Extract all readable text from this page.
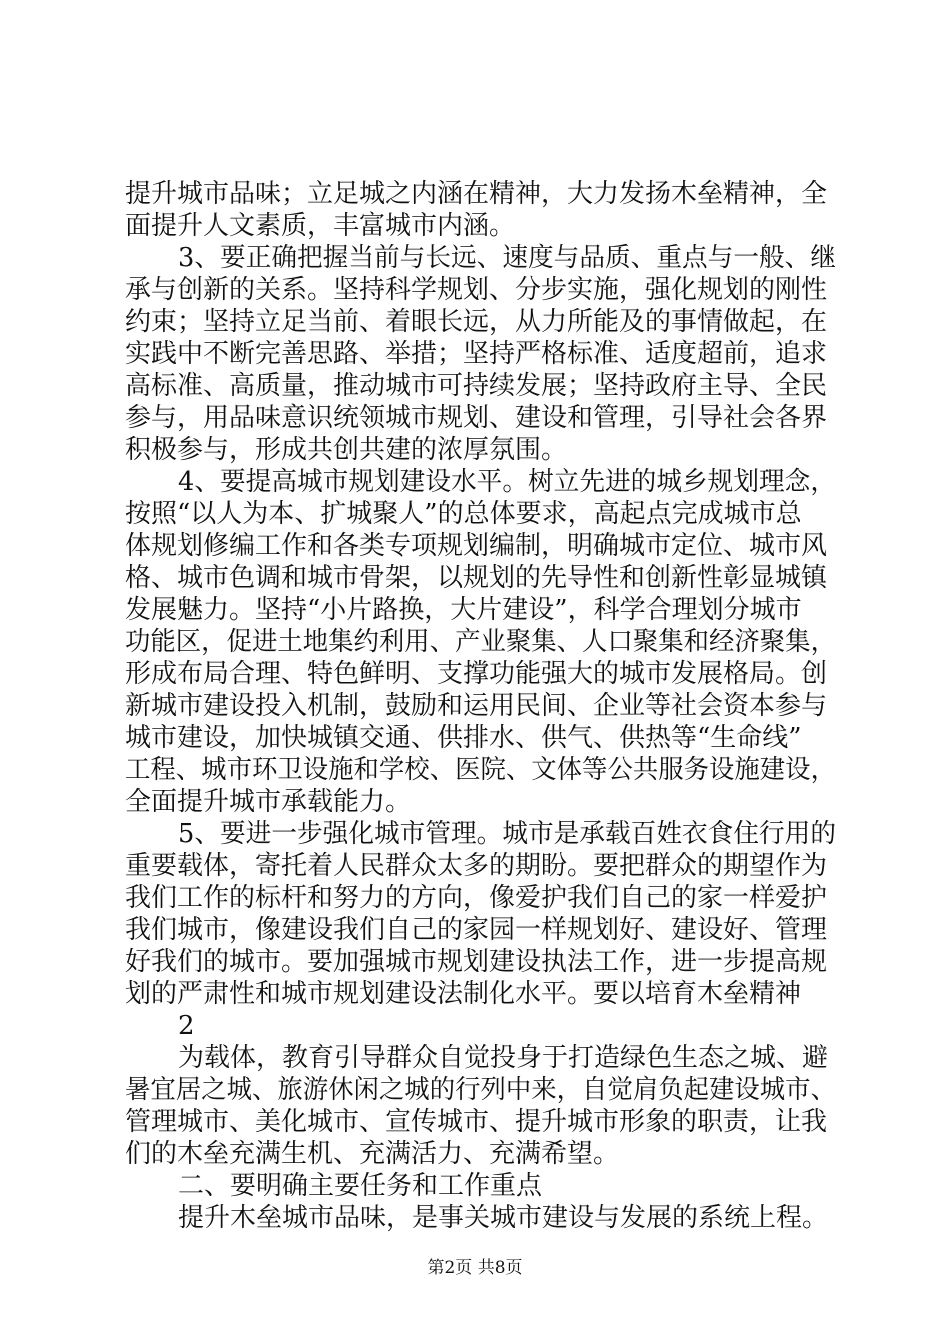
提升城市品味；立足城之内涵在精神，大力发扬木垒精神，全
面提升人文素质，丰富城市内涵。
3、要正确把握当前与长远、速度与品质、重点与一般、继
承与创新的关系。坚持科学规划、分步实施，强化规划的刚性
约束；坚持立足当前、着眼长远，从力所能及的事情做起，在
实践中不断完善思路、举措；坚持严格标准、适度超前，追求
高标准、高质量，推动城市可持续发展；坚持政府主导、全民
参与，用品味意识统领城市规划、建设和管理，引导社会各界
积极参与，形成共创共建的浓厚氛围。
4、要提高城市规划建设水平。树立先进的城乡规划理念，
按照“以人为本、扩城聚人”的总体要求，高起点完成城市总
体规划修编工作和各类专项规划编制，明确城市定位、城市风
格、城市色调和城市骨架，以规划的先导性和创新性彰显城镇
发展魅力。坚持“小片路换，大片建设”，科学合理划分城市
功能区，促进土地集约利用、产业聚集、人口聚集和经济聚集，
形成布局合理、特色鲜明、支撑功能强大的城市发展格局。创
新城市建设投入机制，鼓励和运用民间、企业等社会资本参与
城市建设，加快城镇交通、供排水、供气、供热等“生命线”
工程、城市环卫设施和学校、医院、文体等公共服务设施建设，
全面提升城市承载能力。
5、要进一步强化城市管理。城市是承载百姓衣食住行用的
重要载体，寄托着人民群众太多的期盼。要把群众的期望作为
我们工作的标杆和努力的方向，像爱护我们自己的家一样爱护
我们城市，像建设我们自己的家园一样规划好、建设好、管理
好我们的城市。要加强城市规划建设执法工作，进一步提高规
划的严肃性和城市规划建设法制化水平。要以培育木垒精神
2
为载体，教育引导群众自觉投身于打造绿色生态之城、避
暑宜居之城、旅游休闲之城的行列中来，自觉肩负起建设城市、
管理城市、美化城市、宣传城市、提升城市形象的职责，让我
们的木垒充满生机、充满活力、充满希望。
二、要明确主要任务和工作重点
提升木垒城市品味，是事关城市建设与发展的系统上程。
第2页 共8页
